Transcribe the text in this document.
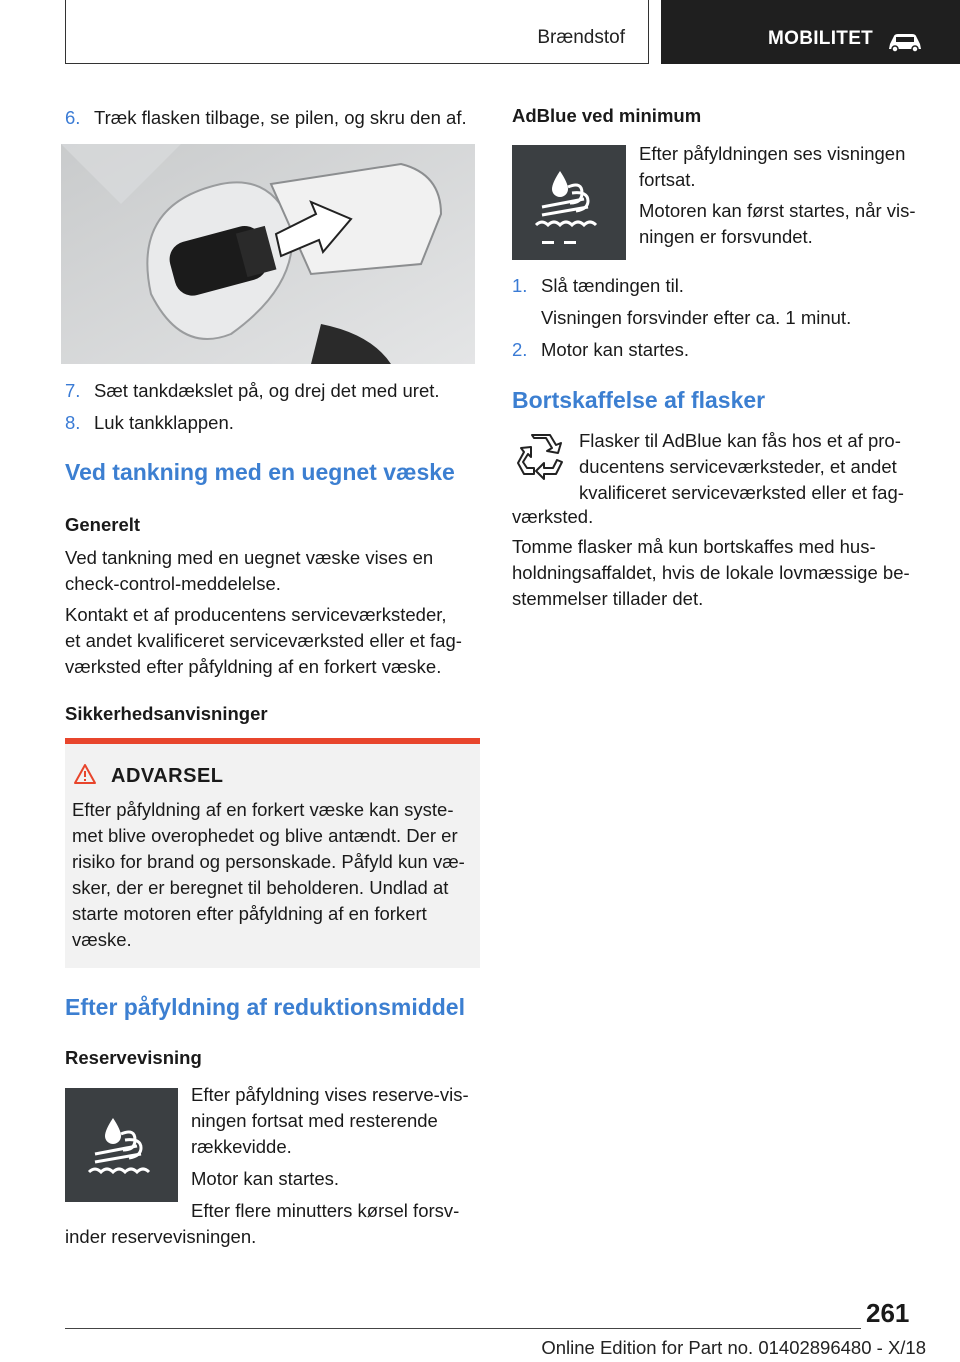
Brændstof	MOBILITET
6. Træk flasken tilbage, se pilen, og skru den af.
7. Sæt tankdækslet på, og drej det med uret.
8. Luk tankklappen.
Ved tankning med en uegnet væske
Generelt
Ved tankning med en uegnet væske vises en
check-control-meddelelse.
Kontakt et af producentens serviceværksteder,
et andet kvalificeret serviceværksted eller et fag-
værksted efter påfyldning af en forkert væske.
Sikkerhedsanvisninger
ADVARSEL
Efter påfyldning af en forkert væske kan syste-
met blive overophedet og blive antændt. Der er
risiko for brand og personskade. Påfyld kun væ-
sker, der er beregnet til beholderen. Undlad at
starte motoren efter påfyldning af en forkert
væske.
Efter påfyldning af reduktionsmiddel
Reservevisning
Efter påfyldning vises reserve-vis-
ningen fortsat med resterende
rækkevidde.
Motor kan startes.
Efter flere minutters kørsel forsv-
inder reservevisningen.
AdBlue ved minimum
Efter påfyldningen ses visningen
fortsat.
Motoren kan først startes, når vis-
ningen er forsvundet.
1. Slå tændingen til.
Visningen forsvinder efter ca. 1 minut.
2. Motor kan startes.
Bortskaffelse af flasker
Flasker til AdBlue kan fås hos et af pro-
ducentens serviceværksteder, et andet
kvalificeret serviceværksted eller et fag-
værksted.
Tomme flasker må kun bortskaffes med hus-
holdningsaffaldet, hvis de lokale lovmæssige be-
stemmelser tillader det.
261
Online Edition for Part no. 01402896480 - X/18
